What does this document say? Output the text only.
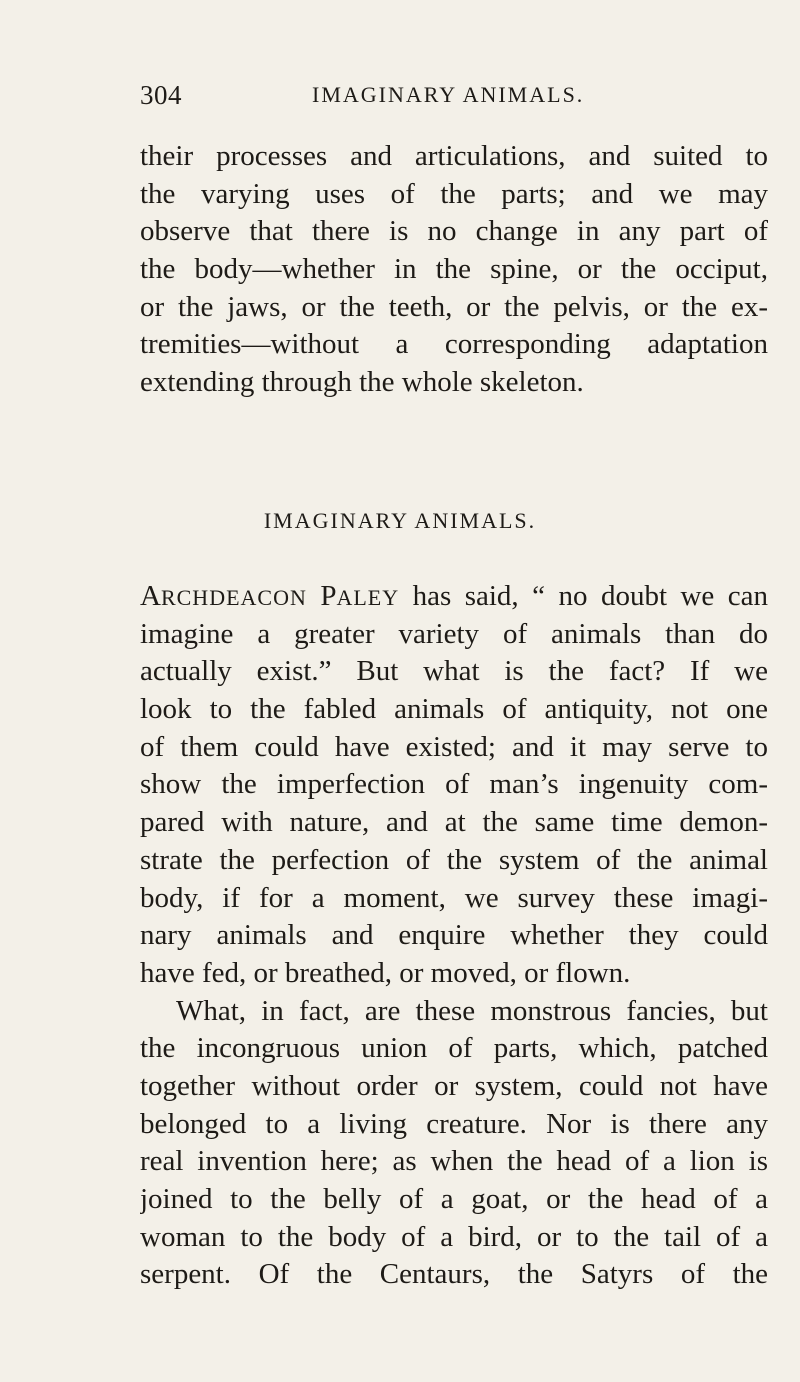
304	IMAGINARY ANIMALS.
their processes and articulations, and suited to
the varying uses of the parts; and we may
observe that there is no change in any part of
the body—whether in the spine, or the occiput,
or the jaws, or the teeth, or the pelvis, or the ex-
tremities—without a corresponding adaptation
extending through the whole skeleton.
IMAGINARY ANIMALS.
ARCHDEACON PALEY has said, “ no doubt we can
imagine a greater variety of animals than do
actually exist.” But what is the fact? If we
look to the fabled animals of antiquity, not one
of them could have existed; and it may serve to
show the imperfection of man’s ingenuity com-
pared with nature, and at the same time demon-
strate the perfection of the system of the animal
body, if for a moment, we survey these imagi-
nary animals and enquire whether they could
have fed, or breathed, or moved, or flown.
What, in fact, are these monstrous fancies, but
the incongruous union of parts, which, patched
together without order or system, could not have
belonged to a living creature. Nor is there any
real invention here; as when the head of a lion is
joined to the belly of a goat, or the head of a
woman to the body of a bird, or to the tail of a
serpent. Of the Centaurs, the Satyrs of the
